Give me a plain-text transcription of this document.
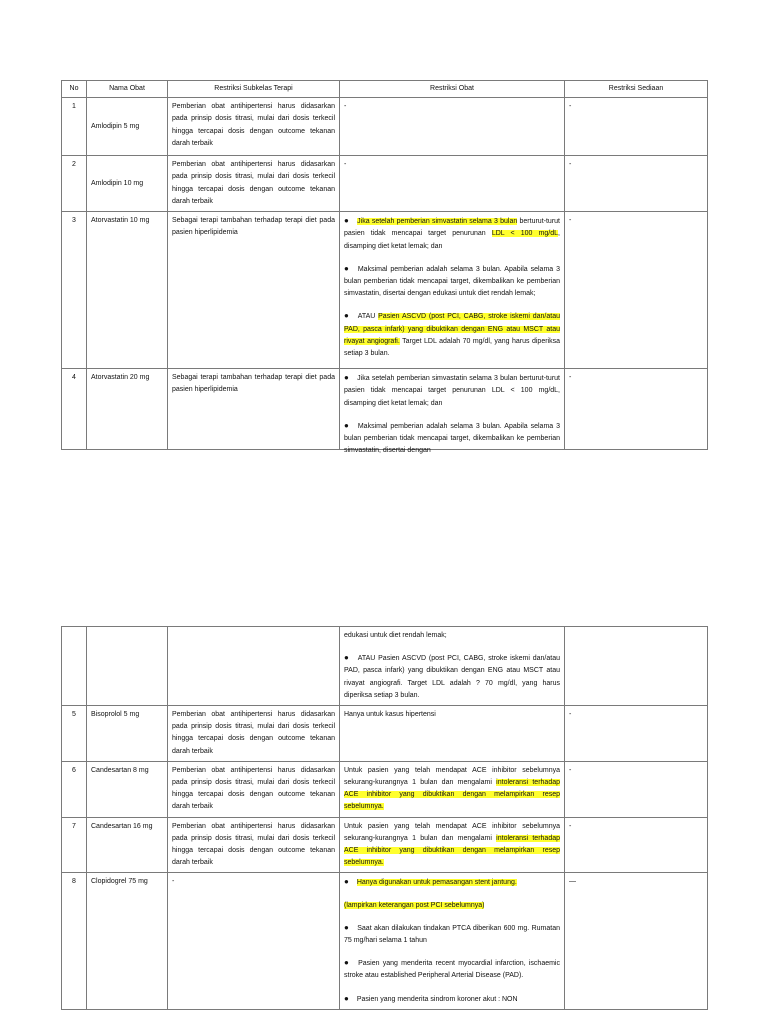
No	Nama Obat	Restriksi Subkelas Terapi	Restriksi Obat	Restriksi Sediaan
1	Amlodipin 5 mg	Pemberian obat antihipertensi harus didasarkan pada prinsip dosis titrasi, mulai dari dosis terkecil hingga tercapai dosis dengan outcome tekanan darah terbaik	-	-
2	Amlodipin 10 mg	Pemberian obat antihipertensi harus didasarkan pada prinsip dosis titrasi, mulai dari dosis terkecil hingga tercapai dosis dengan outcome tekanan darah terbaik	-	-
3	Atorvastatin 10 mg	Sebagai terapi tambahan terhadap terapi diet pada pasien hiperlipidemia	● Jika setelah pemberian simvastatin selama 3 bulan berturut-turut pasien tidak mencapai target penurunan LDL < 100 mg/dL, disamping diet ketat lemak; dan
● Maksimal pemberian adalah selama 3 bulan. Apabila selama 3 bulan pemberian tidak mencapai target, dikembalikan ke pemberian simvastatin, disertai dengan edukasi untuk diet rendah lemak;
● ATAU Pasien ASCVD (post PCI, CABG, stroke iskemi dan/atau PAD, pasca infark) yang dibuktikan dengan ENG atau MSCT atau rivayat angiografi. Target LDL adalah 70 mg/dl, yang harus diperiksa setiap 3 bulan.	-
4	Atorvastatin 20 mg	Sebagai terapi tambahan terhadap terapi diet pada pasien hiperlipidemia	● Jika setelah pemberian simvastatin selama 3 bulan berturut-turut pasien tidak mencapai target penurunan LDL < 100 mg/dL, disamping diet ketat lemak; dan
● Maksimal pemberian adalah selama 3 bulan. Apabila selama 3 bulan pemberian tidak mencapai target, dikembalikan ke pemberian simvastatin, disertai dengan	-

			edukasi untuk diet rendah lemak;
● ATAU Pasien ASCVD (post PCI, CABG, stroke iskemi dan/atau PAD, pasca infark) yang dibuktikan dengan ENG atau MSCT atau rivayat angiografi. Target LDL adalah ? 70 mg/dl, yang harus diperiksa setiap 3 bulan.	

5	Bisoprolol 5 mg	Pemberian obat antihipertensi harus didasarkan pada prinsip dosis titrasi, mulai dari dosis terkecil hingga tercapai dosis dengan outcome tekanan darah terbaik	Hanya untuk kasus hipertensi	-
6	Candesartan 8 mg	Pemberian obat antihipertensi harus didasarkan pada prinsip dosis titrasi, mulai dari dosis terkecil hingga tercapai dosis dengan outcome tekanan darah terbaik	Untuk pasien yang telah mendapat ACE inhibitor sebelumnya sekurang-kurangnya 1 bulan dan mengalami intoleransi terhadap ACE inhibitor yang dibuktikan dengan melampirkan resep sebelumnya.	-
7	Candesartan 16 mg	Pemberian obat antihipertensi harus didasarkan pada prinsip dosis titrasi, mulai dari dosis terkecil hingga tercapai dosis dengan outcome tekanan darah terbaik	Untuk pasien yang telah mendapat ACE inhibitor sebelumnya sekurang-kurangnya 1 bulan dan mengalami intoleransi terhadap ACE inhibitor yang dibuktikan dengan melampirkan resep sebelumnya.	-
8	Clopidogrel 75 mg	-	● Hanya digunakan untuk pemasangan stent jantung.
(lampirkan keterangan post PCI sebelumnya)
● Saat akan dilakukan tindakan PTCA diberikan 600 mg. Rumatan 75 mg/hari selama 1 tahun
● Pasien yang menderita recent myocardial infarction, ischaemic stroke atau established Peripheral Arterial Disease (PAD).
● Pasien yang menderita sindrom koroner akut : NON	—
